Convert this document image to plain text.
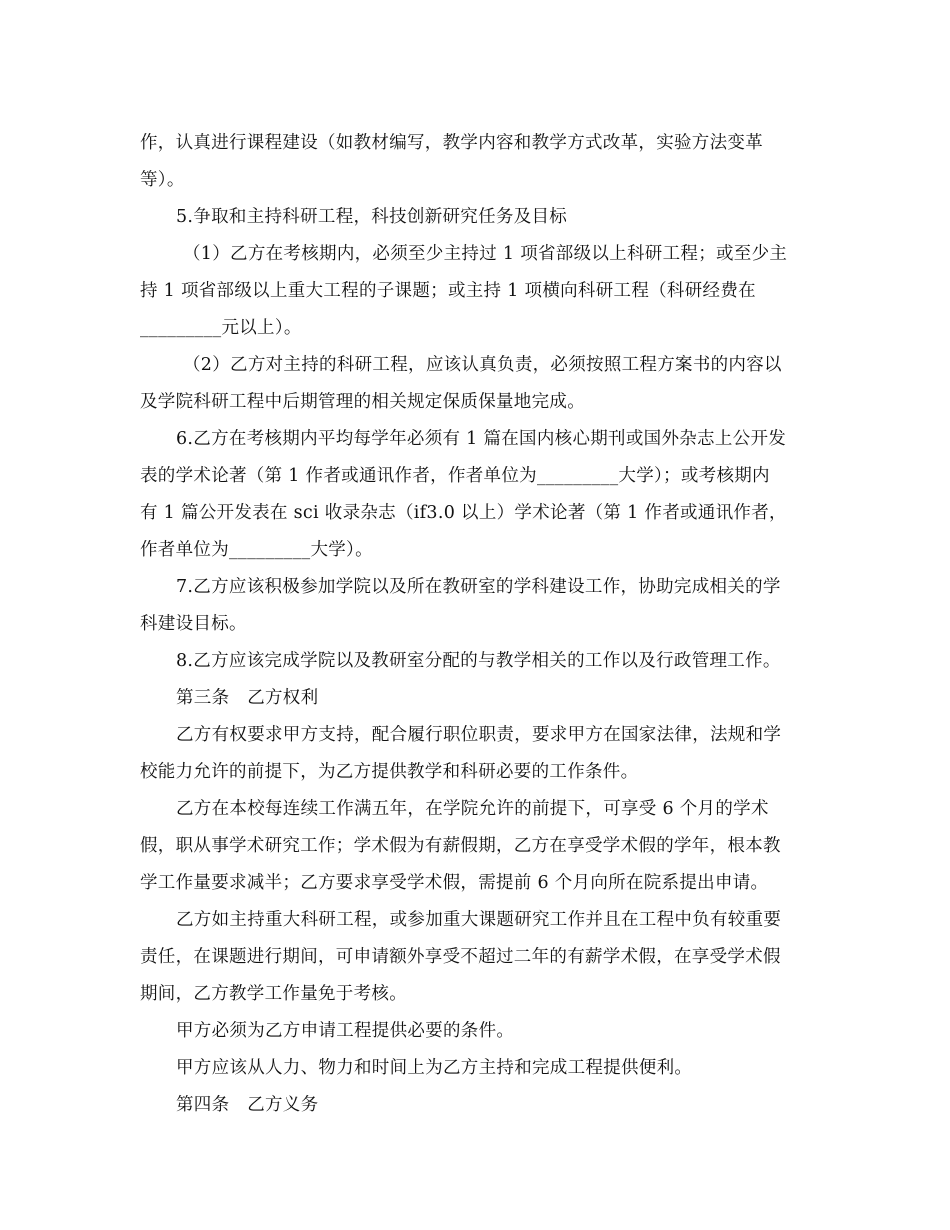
作，认真进行课程建设（如教材编写，教学内容和教学方式改革，实验方法变革
等）。
5.争取和主持科研工程，科技创新研究任务及目标
（1）乙方在考核期内，必须至少主持过 1 项省部级以上科研工程；或至少主
持 1 项省部级以上重大工程的子课题；或主持 1 项横向科研工程（科研经费在
_________元以上）。
（2）乙方对主持的科研工程，应该认真负责，必须按照工程方案书的内容以
及学院科研工程中后期管理的相关规定保质保量地完成。
6.乙方在考核期内平均每学年必须有 1 篇在国内核心期刊或国外杂志上公开发
表的学术论著（第 1 作者或通讯作者，作者单位为_________大学）；或考核期内
有 1 篇公开发表在 sci 收录杂志（if3.0 以上）学术论著（第 1 作者或通讯作者，
作者单位为_________大学）。
7.乙方应该积极参加学院以及所在教研室的学科建设工作，协助完成相关的学
科建设目标。
8.乙方应该完成学院以及教研室分配的与教学相关的工作以及行政管理工作。
第三条　乙方权利
乙方有权要求甲方支持，配合履行职位职责，要求甲方在国家法律，法规和学
校能力允许的前提下，为乙方提供教学和科研必要的工作条件。
乙方在本校每连续工作满五年，在学院允许的前提下，可享受 6 个月的学术
假，职从事学术研究工作；学术假为有薪假期，乙方在享受学术假的学年，根本教
学工作量要求减半；乙方要求享受学术假，需提前 6 个月向所在院系提出申请。
乙方如主持重大科研工程，或参加重大课题研究工作并且在工程中负有较重要
责任，在课题进行期间，可申请额外享受不超过二年的有薪学术假，在享受学术假
期间，乙方教学工作量免于考核。
甲方必须为乙方申请工程提供必要的条件。
甲方应该从人力、物力和时间上为乙方主持和完成工程提供便利。
第四条　乙方义务
